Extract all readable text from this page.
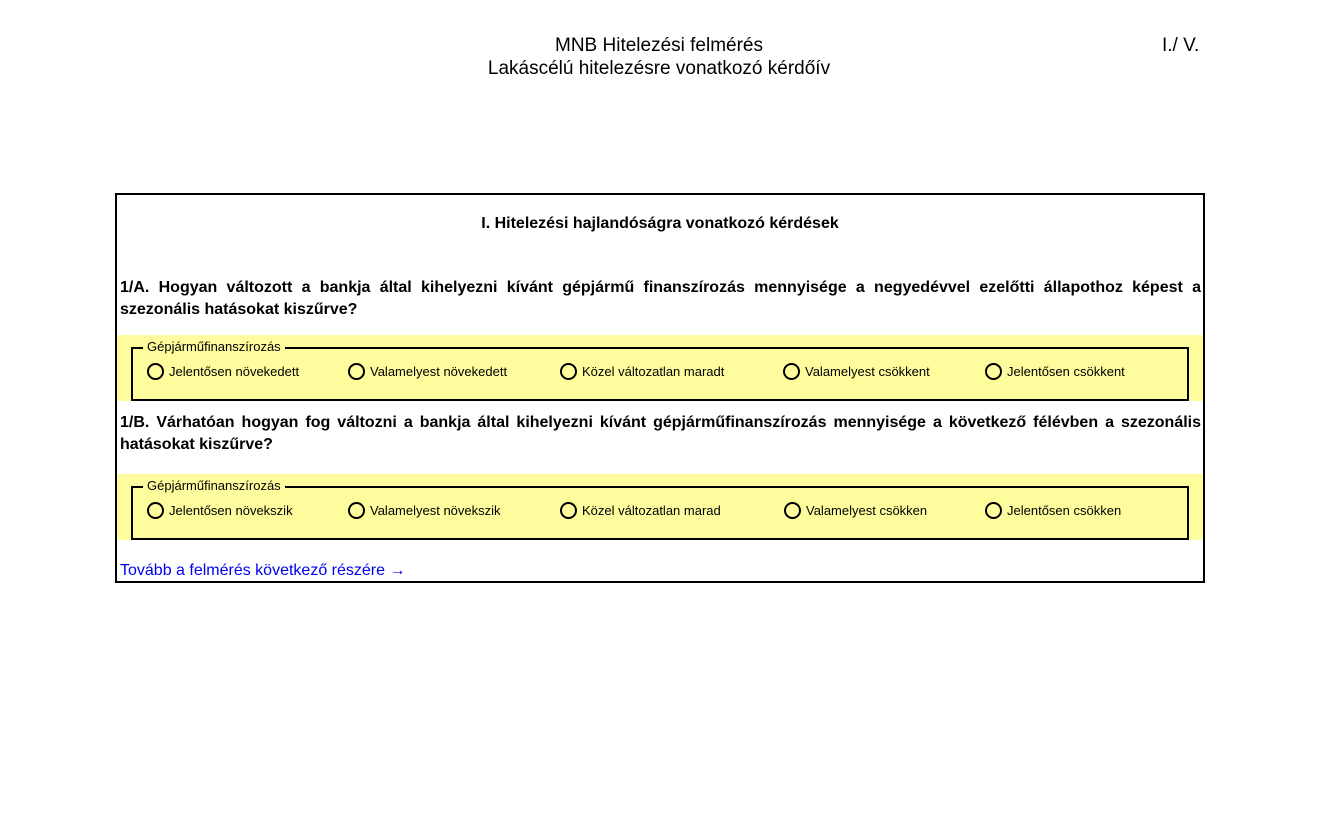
MNB Hitelezési felmérés
Lakáscélú hitelezésre vonatkozó kérdőív
I./ V.
I. Hitelezési hajlandóságra vonatkozó kérdések
1/A. Hogyan változott a bankja által kihelyezni kívánt gépjármű finanszírozás mennyisége a negyedévvel ezelőtti állapothoz képest a szezonális hatásokat kiszűrve?
Gépjárműfinanszírozás
Jelentősen növekedett	Valamelyest növekedett	Közel változatlan maradt	Valamelyest csökkent	Jelentősen csökkent
1/B. Várhatóan hogyan fog változni a bankja által kihelyezni kívánt gépjárműfinanszírozás mennyisége a következő félévben a szezonális hatásokat kiszűrve?
Gépjárműfinanszírozás
Jelentősen növekszik	Valamelyest növekszik	Közel változatlan marad	Valamelyest csökken	Jelentősen csökken
Tovább a felmérés következő részére →
